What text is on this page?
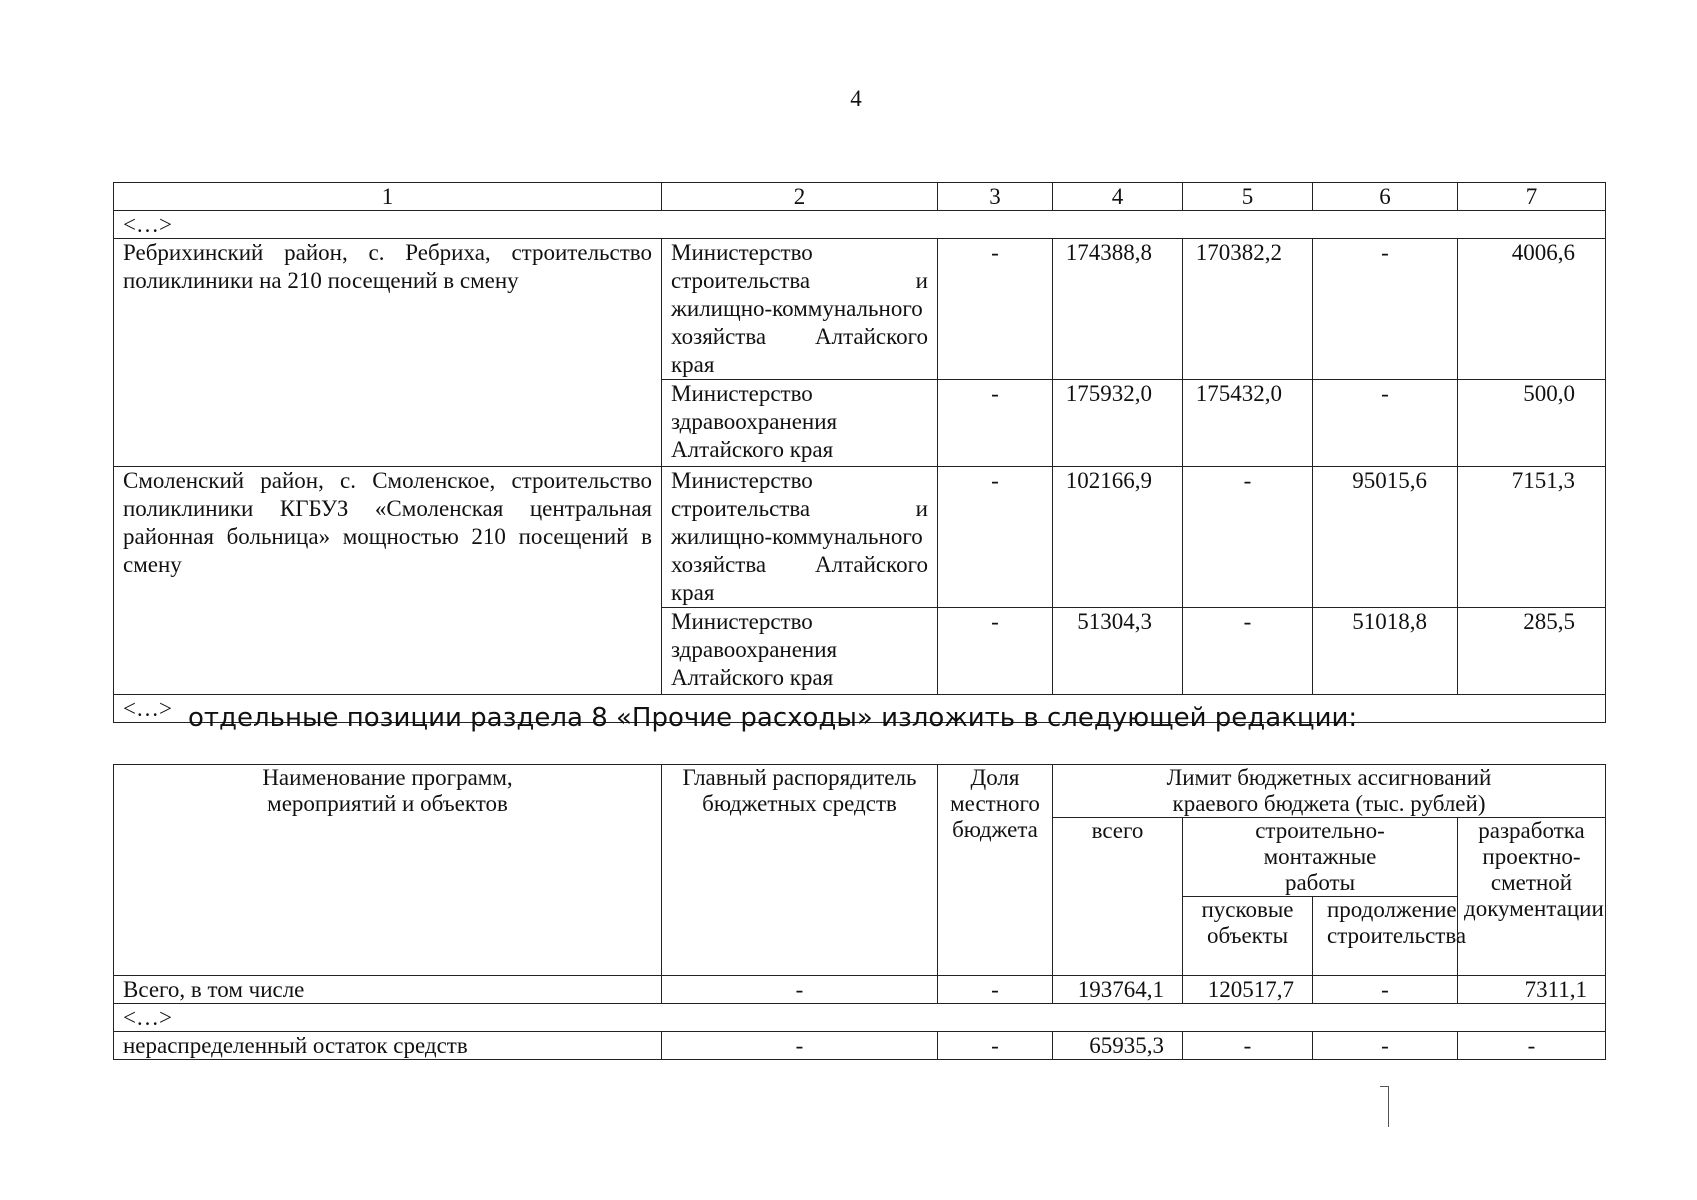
4
1	2	3	4	5	6	7
<…>						
Ребрихинский район, с. Ребриха, строительство поликлиники на 210 посещений в смену	Министерство строительства и жилищно-коммунального хозяйства Алтайского края	-	174388,8	170382,2	-	4006,6
	Министерство здравоохранения Алтайского края	-	175932,0	175432,0	-	500,0
Смоленский район, с. Смоленское, строительство поликлиники КГБУЗ «Смоленская центральная районная больница» мощностью 210 посещений в смену	Министерство строительства и жилищно-коммунального хозяйства Алтайского края	-	102166,9	-	95015,6	7151,3
	Министерство здравоохранения Алтайского края	-	51304,3	-	51018,8	285,5
<…>						отдельные позиции раздела 8 «Прочие расходы» изложить в следующей редакции:
Наименование программ, мероприятий и объектов	Главный распорядитель бюджетных средств	Доля местного бюджета	Лимит бюджетных ассигнований краевого бюджета (тыс. рублей)			
			всего	строительно-монтажные работы		разработка проектно-сметной документации
				пусковые объекты	продолжение строительства	
Всего, в том числе	-	-	193764,1	120517,7	-	7311,1
<…>						
нераспределенный остаток средств	-	-	65935,3	-	-	-
